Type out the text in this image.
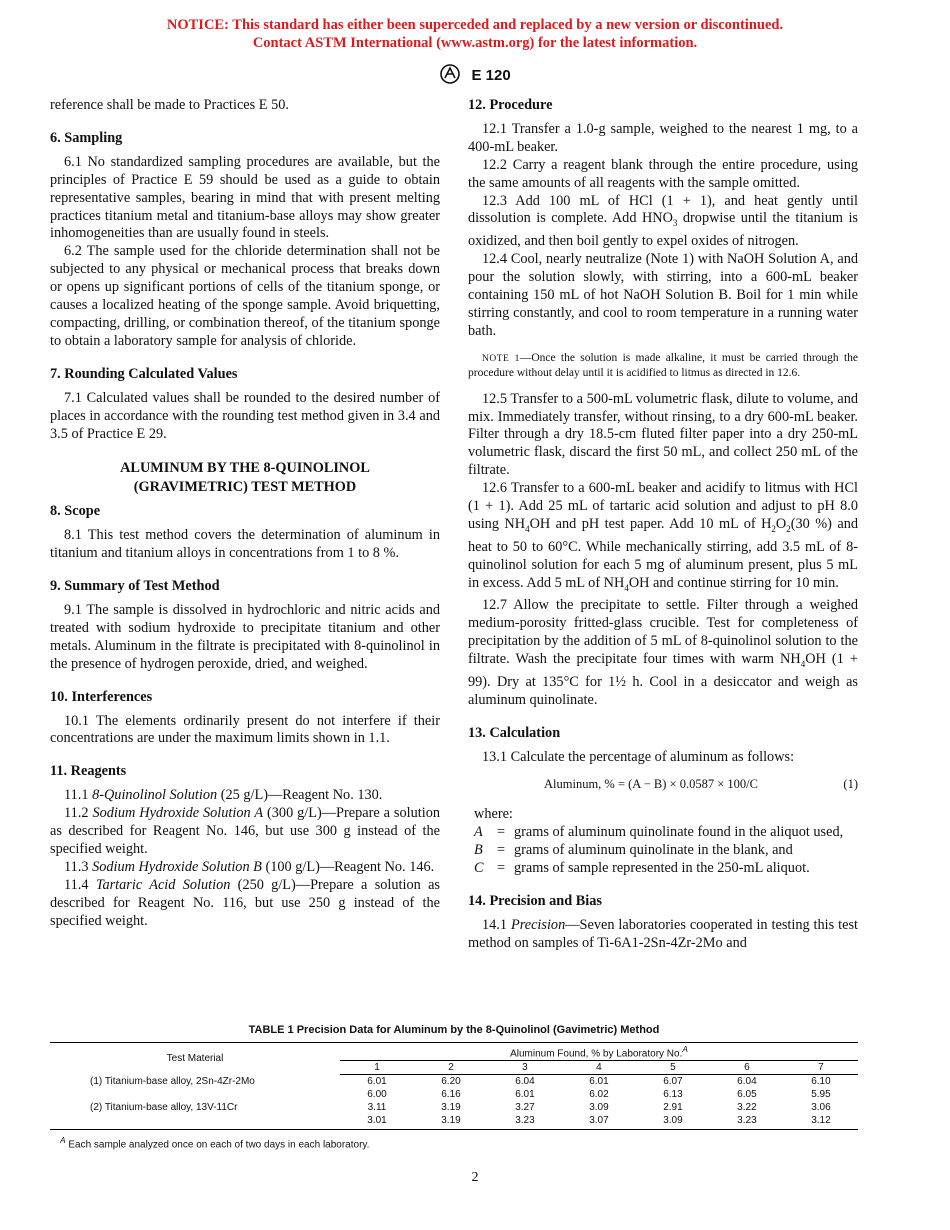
NOTICE: This standard has either been superceded and replaced by a new version or discontinued.
Contact ASTM International (www.astm.org) for the latest information.
E 120

reference shall be made to Practices E 50.

6. Sampling

6.1 No standardized sampling procedures are available, but the principles of Practice E 59 should be used as a guide to obtain representative samples, bearing in mind that with present melting practices titanium metal and titanium-base alloys may show greater inhomogeneities than are usually found in steels.

6.2 The sample used for the chloride determination shall not be subjected to any physical or mechanical process that breaks down or opens up significant portions of cells of the titanium sponge, or causes a localized heating of the sponge sample. Avoid briquetting, compacting, drilling, or combination thereof, of the titanium sponge to obtain a laboratory sample for analysis of chloride.

7. Rounding Calculated Values

7.1 Calculated values shall be rounded to the desired number of places in accordance with the rounding test method given in 3.4 and 3.5 of Practice E 29.

ALUMINUM BY THE 8-QUINOLINOL
(GRAVIMETRIC) TEST METHOD
8. Scope

8.1 This test method covers the determination of aluminum in titanium and titanium alloys in concentrations from 1 to 8 %.

9. Summary of Test Method

9.1 The sample is dissolved in hydrochloric and nitric acids and treated with sodium hydroxide to precipitate titanium and other metals. Aluminum in the filtrate is precipitated with 8-quinolinol in the presence of hydrogen peroxide, dried, and weighed.

10. Interferences

10.1 The elements ordinarily present do not interfere if their concentrations are under the maximum limits shown in 1.1.

11. Reagents

11.1 8-Quinolinol Solution (25 g/L)—Reagent No. 130.

11.2 Sodium Hydroxide Solution A (300 g/L)—Prepare a solution as described for Reagent No. 146, but use 300 g instead of the specified weight.

11.3 Sodium Hydroxide Solution B (100 g/L)—Reagent No. 146.

11.4 Tartaric Acid Solution (250 g/L)—Prepare a solution as described for Reagent No. 116, but use 250 g instead of the specified weight.

12. Procedure

12.1 Transfer a 1.0-g sample, weighed to the nearest 1 mg, to a 400-mL beaker.

12.2 Carry a reagent blank through the entire procedure, using the same amounts of all reagents with the sample omitted.

12.3 Add 100 mL of HCl (1 + 1), and heat gently until dissolution is complete. Add $HNO_3$ dropwise until the titanium is oxidized, and then boil gently to expel oxides of nitrogen.

12.4 Cool, nearly neutralize (Note 1) with NaOH Solution A, and pour the solution slowly, with stirring, into a 600-mL beaker containing 150 mL of hot NaOH Solution B. Boil for 1 min while stirring constantly, and cool to room temperature in a running water bath.

NOTE 1—Once the solution is made alkaline, it must be carried through the procedure without delay until it is acidified to litmus as directed in 12.6.

12.5 Transfer to a 500-mL volumetric flask, dilute to volume, and mix. Immediately transfer, without rinsing, to a dry 600-mL beaker. Filter through a dry 18.5-cm fluted filter paper into a dry 250-mL volumetric flask, discard the first 50 mL, and collect 250 mL of the filtrate.

12.6 Transfer to a 600-mL beaker and acidify to litmus with HCl (1 + 1). Add 25 mL of tartaric acid solution and adjust to pH 8.0 using $NH_4OH$ and pH test paper. Add 10 mL of $H_2O_2(30$ %) and heat to 50 to 60°C. While mechanically stirring, add 3.5 mL of 8-quinolinol solution for each 5 mg of aluminum present, plus 5 mL in excess. Add 5 mL of $NH_4OH$ and continue stirring for 10 min.

12.7 Allow the precipitate to settle. Filter through a weighed medium-porosity fritted-glass crucible. Test for completeness of precipitation by the addition of 5 mL of 8-quinolinol solution to the filtrate. Wash the precipitate four times with warm $NH_4OH$ (1 + 99). Dry at 135°C for 1½ h. Cool in a desiccator and weigh as aluminum quinolinate.

13. Calculation

13.1 Calculate the percentage of aluminum as follows:

Aluminum, % = (A − B) × 0.0587 × 100/C	(1)

where:

A = grams of aluminum quinolinate found in the aliquot used,
B = grams of aluminum quinolinate in the blank, and
C = grams of sample represented in the 250-mL aliquot.
14. Precision and Bias

14.1 Precision—Seven laboratories cooperated in testing this test method on samples of Ti-6A1-2Sn-4Zr-2Mo and

TABLE 1 Precision Data for Aluminum by the 8-Quinolinol (Gavimetric) Method
Test Material	Aluminum Found, % by Laboratory No.$^A$
	1	2	3	4	5	6	7
(1) Titanium-base alloy, 2Sn-4Zr-2Mo	6.01	6.20	6.04	6.01	6.07	6.04	6.10
	6.00	6.16	6.01	6.02	6.13	6.05	5.95
(2) Titanium-base alloy, 13V-11Cr	3.11	3.19	3.27	3.09	2.91	3.22	3.06
	3.01	3.19	3.23	3.07	3.09	3.23	3.12
$^A$ Each sample analyzed once on each of two days in each laboratory.
2
